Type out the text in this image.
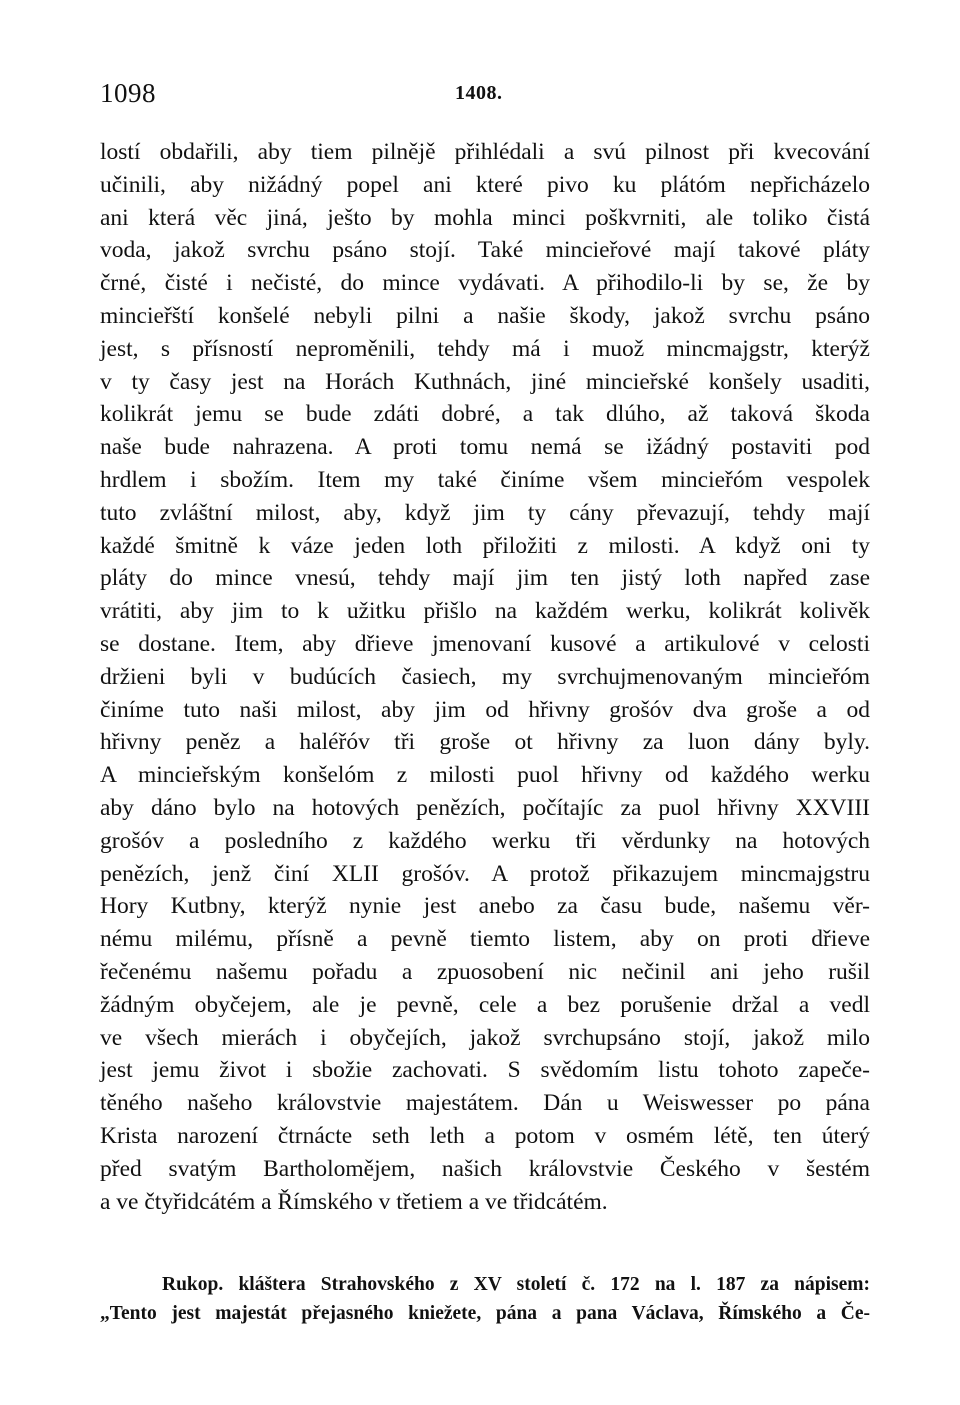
1098	1408.
lostí obdařili, aby tiem pilnějě přihlédali a svú pilnost při kvecování
učinili, aby nižádný popel ani které pivo ku plátóm nepřicházelo
ani která věc jiná, ješto by mohla minci poškvrniti, ale toliko čistá
voda, jakož svrchu psáno stojí. Také mincieřové mají takové pláty
črné, čisté i nečisté, do mince vydávati. A přihodilo-li by se, že by
mincieřští konšelé nebyli pilni a našie škody, jakož svrchu psáno
jest, s přísností neproměnili, tehdy má i muož mincmajgstr, kterýž
v ty časy jest na Horách Kuthnách, jiné mincieřské konšely usaditi,
kolikrát jemu se bude zdáti dobré, a tak dlúho, až taková škoda
naše bude nahrazena. A proti tomu nemá se ižádný postaviti pod
hrdlem i sbožím. Item my také činíme všem mincieřóm vespolek
tuto zvláštní milost, aby, když jim ty cány převazují, tehdy mají
každé šmitně k váze jeden loth přiložiti z milosti. A když oni ty
pláty do mince vnesú, tehdy mají jim ten jistý loth napřed zase
vrátiti, aby jim to k užitku přišlo na každém werku, kolikrát kolivěk
se dostane. Item, aby dřieve jmenovaní kusové a artikulové v celosti
držieni byli v budúcích časiech, my svrchujmenovaným mincieřóm
činíme tuto naši milost, aby jim od hřivny grošóv dva groše a od
hřivny peněz a haléřóv tři groše ot hřivny za luon dány byly.
A mincieřským konšelóm z milosti puol hřivny od každého werku
aby dáno bylo na hotových penězích, počítajíc za puol hřivny XXVIII
grošóv a posledního z každého werku tři věrdunky na hotových
penězích, jenž činí XLII grošóv. A protož přikazujem mincmajgstru
Hory Kutbny, kterýž nynie jest anebo za času bude, našemu věr-
nému milému, přísně a pevně tiemto listem, aby on proti dřieve
řečenému našemu pořadu a zpuosobení nic nečinil ani jeho rušil
žádným obyčejem, ale je pevně, cele a bez porušenie držal a vedl
ve všech mierách i obyčejích, jakož svrchupsáno stojí, jakož milo
jest jemu život i sbožie zachovati. S svědomím listu tohoto zapeče-
těného našeho královstvie majestátem. Dán u Weiswesser po pána
Krista narození čtrnácte seth leth a potom v osmém létě, ten úterý
před svatým Bartholomějem, našich královstvie Českého v šestém
a ve čtyřidcátém a Římského v třetiem a ve třidcátém.
Rukop. kláštera Strahovského z XV století č. 172 na l. 187 za nápisem:
„Tento jest majestát přejasného kniežete, pána a pana Václava, Římského a Če-
